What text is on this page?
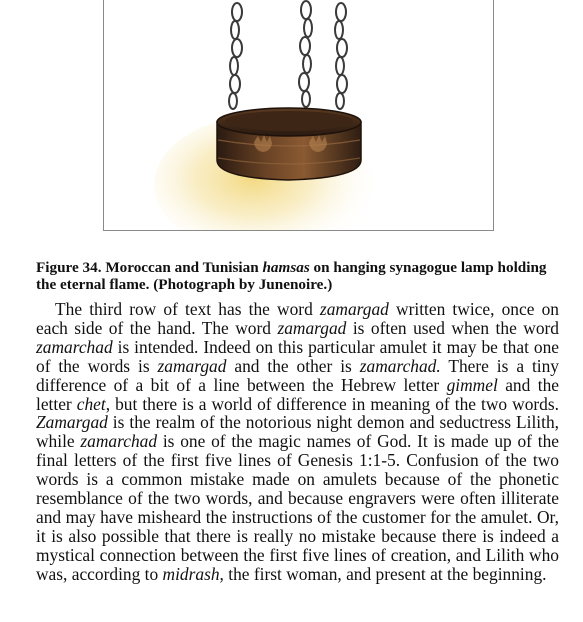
Figure 34. Moroccan and Tunisian hamsas on hanging synagogue lamp holding the eternal flame. (Photograph by Junenoire.)

The third row of text has the word zamargad written twice, once on each side of the hand. The word zamargad is often used when the word zamarchad is intended. Indeed on this particular amulet it may be that one of the words is zamargad and the other is zamarchad. There is a tiny difference of a bit of a line between the Hebrew letter gimmel and the letter chet, but there is a world of difference in meaning of the two words. Zamargad is the realm of the notorious night demon and seductress Lilith, while zamarchad is one of the magic names of God. It is made up of the final letters of the first five lines of Genesis 1:1-5. Confusion of the two words is a common mistake made on amulets because of the phonetic resemblance of the two words, and because engravers were often illiterate and may have misheard the instructions of the customer for the amulet. Or, it is also possible that there is really no mistake because there is indeed a mystical connection between the first five lines of creation, and Lilith who was, according to midrash, the first woman, and present at the beginning.
